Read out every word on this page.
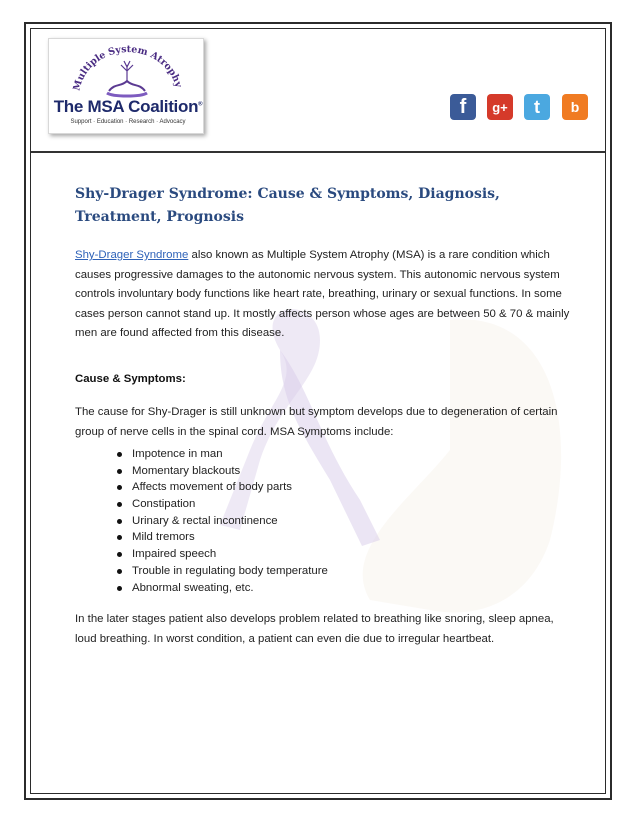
Multiple System Atrophy
The MSA Coalition®
Support · Education · Research · Advocacy
f	g+	t	b
Shy-Drager Syndrome: Cause & Symptoms, Diagnosis, Treatment, Prognosis

Shy-Drager Syndrome also known as Multiple System Atrophy (MSA) is a rare condition which causes progressive damages to the autonomic nervous system. This autonomic nervous system controls involuntary body functions like heart rate, breathing, urinary or sexual functions. In some cases person cannot stand up. It mostly affects person whose ages are between 50 & 70 & mainly men are found affected from this disease.

Cause & Symptoms:

The cause for Shy-Drager is still unknown but symptom develops due to degeneration of certain group of nerve cells in the spinal cord. MSA Symptoms include:

Impotence in man
Momentary blackouts
Affects movement of body parts
Constipation
Urinary & rectal incontinence
Mild tremors
Impaired speech
Trouble in regulating body temperature
Abnormal sweating, etc.

In the later stages patient also develops problem related to breathing like snoring, sleep apnea, loud breathing. In worst condition, a patient can even die due to irregular heartbeat.
